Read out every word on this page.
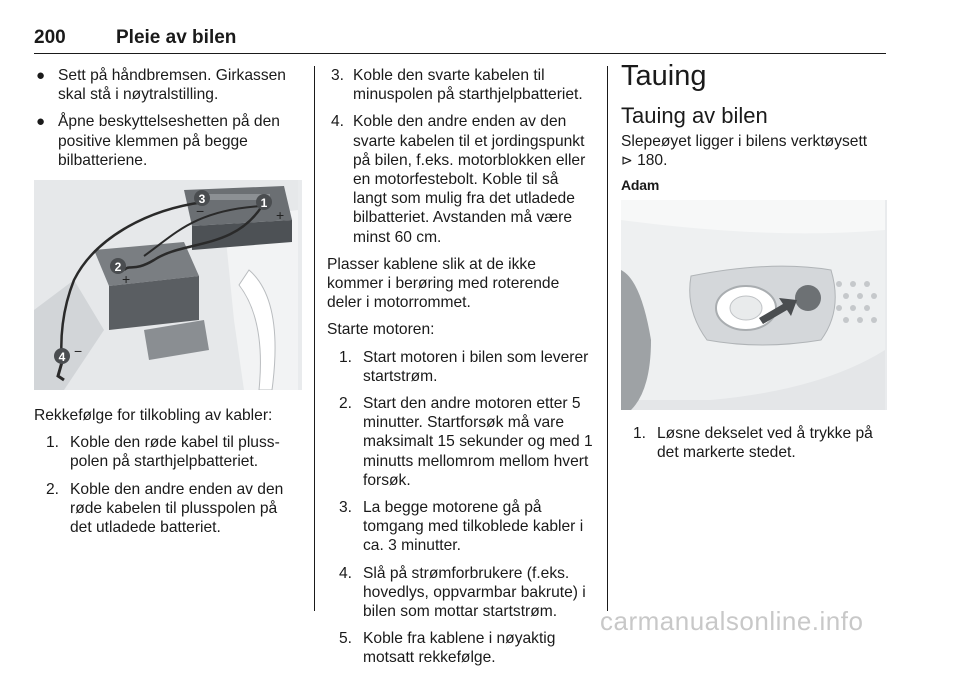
200	Pleie av bilen
● Sett på håndbremsen. Girkassen skal stå i nøytralstilling.
● Åpne beskyttelseshetten på den positive klemmen på begge bilbatteriene.
1
+
2
+
3
−
4 −

Rekkefølge for tilkobling av kabler:

1. Koble den røde kabel til pluss-polen på starthjelpbatteriet.
2. Koble den andre enden av den røde kabelen til plusspolen på det utladede batteriet.
3. Koble den svarte kabelen til minuspolen på starthjelpbatteriet.
4. Koble den andre enden av den svarte kabelen til et jordingspunkt på bilen, f.eks. motorblokken eller en motorfestebolt. Koble til så langt som mulig fra det utladede bilbatteriet. Avstanden må være minst 60 cm.

Plasser kablene slik at de ikke kommer i berøring med roterende deler i motorrommet.

Starte motoren:

1. Start motoren i bilen som leverer startstrøm.
2. Start den andre motoren etter 5 minutter. Startforsøk må vare maksimalt 15 sekunder og med 1 minutts mellomrom mellom hvert forsøk.
3. La begge motorene gå på tomgang med tilkoblede kabler i ca. 3 minutter.
4. Slå på strømforbrukere (f.eks. hovedlys, oppvarmbar bakrute) i bilen som mottar startstrøm.
5. Koble fra kablene i nøyaktig motsatt rekkefølge.
Tauing
Tauing av bilen

Slepeøyet ligger i bilens verktøysett
⊳ 180.

Adam
1. Løsne dekselet ved å trykke på det markerte stedet.
carmanualsonline.info
